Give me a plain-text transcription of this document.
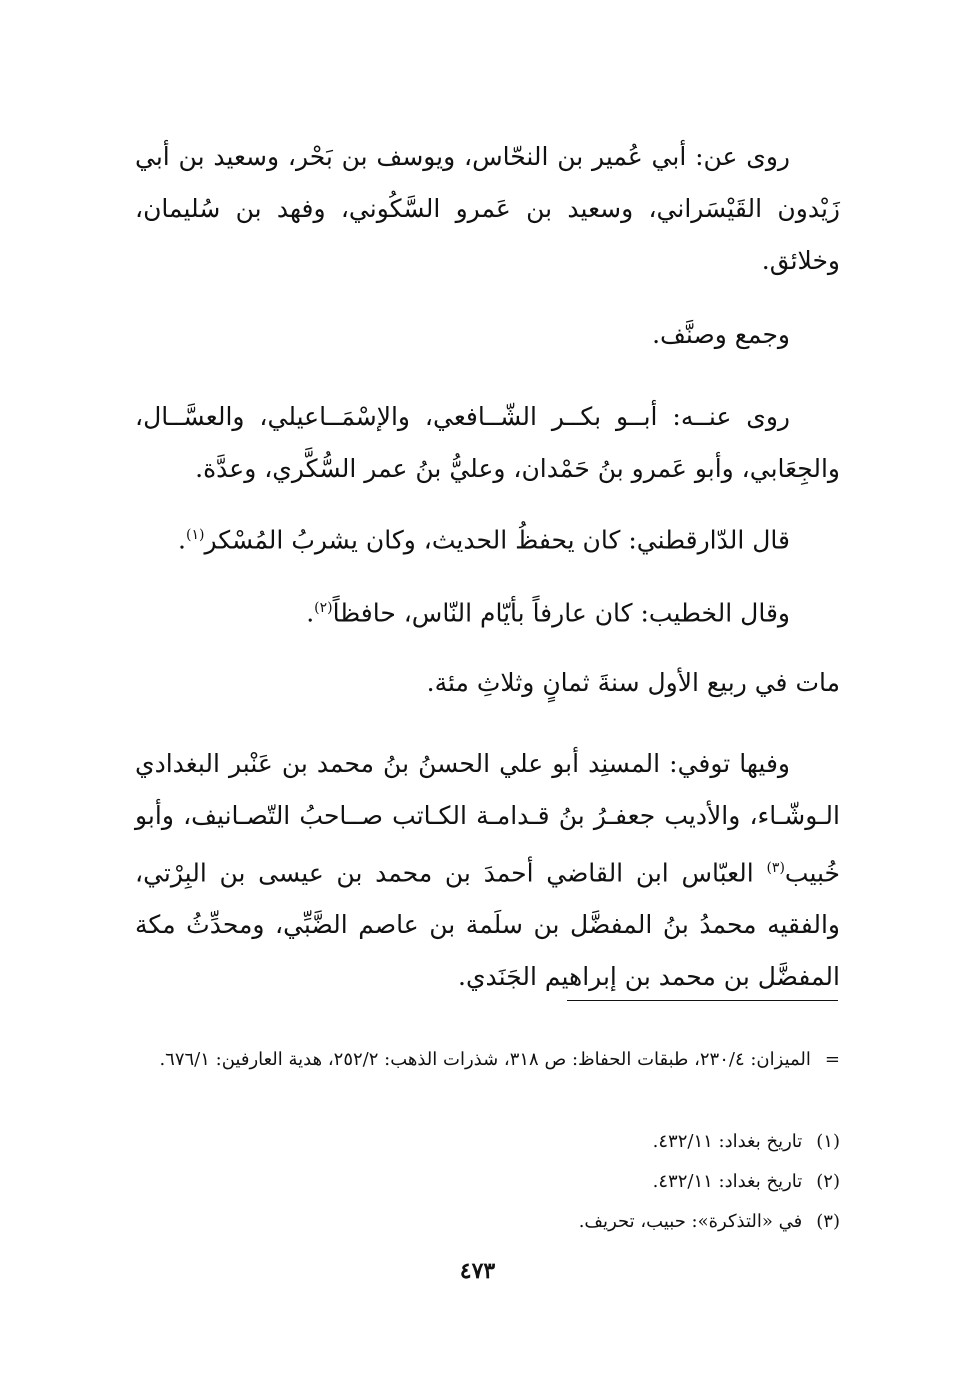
روى عن: أبي عُمير بن النحّاس، ويوسف بن بَحْر، وسعيد بن أبي زَيْدون القَيْسَراني، وسعيد بن عَمرو السَّكُوني، وفهد بن سُليمان، وخلائق.

وجمع وصنَّف.

روى عنــه: أبــو بكــر الشّــافعي، والإسْمَــاعيلي، والعسَّــال، والجِعَابي، وأبو عَمرو بنُ حَمْدان، وعليُّ بنُ عمر السُّكَّري، وعدَّة.

قال الدّارقطني: كان يحفظُ الحديث، وكان يشربُ المُسْكر$^{(١)}$.

وقال الخطيب: كان عارفاً بأيّام النّاس، حافظاً$^{(٢)}$.

مات في ربيع الأول سنةَ ثمانٍ وثلاثِ مئة.

وفيها توفي: المسنِد أبو علي الحسنُ بنُ محمد بن عَنْبر البغدادي الـوشّـاء، والأديب جعفـرُ بنُ قـدامـة الكـاتب صــاحبُ التّصـانيف، وأبو خُبيب$^{(٣)}$ العبّاس ابن القاضي أحمدَ بن محمد بن عيسى بن البِرْتي، والفقيه محمدُ بنُ المفضَّل بن سلَمة بن عاصم الضَّبِّي، ومحدِّثُ مكة المفضَّل بن محمد بن إبراهيم الجَنَدي.

=الميزان: ٢٣٠/٤، طبقات الحفاظ: ص ٣١٨، شذرات الذهب: ٢٥٢/٢، هدية العارفين: ٦٧٦/١.

(١)تاريخ بغداد: ٤٣٢/١١.

(٢)تاريخ بغداد: ٤٣٢/١١.

(٣)في «التذكرة»: حبيب، تحريف.

٤٧٣
